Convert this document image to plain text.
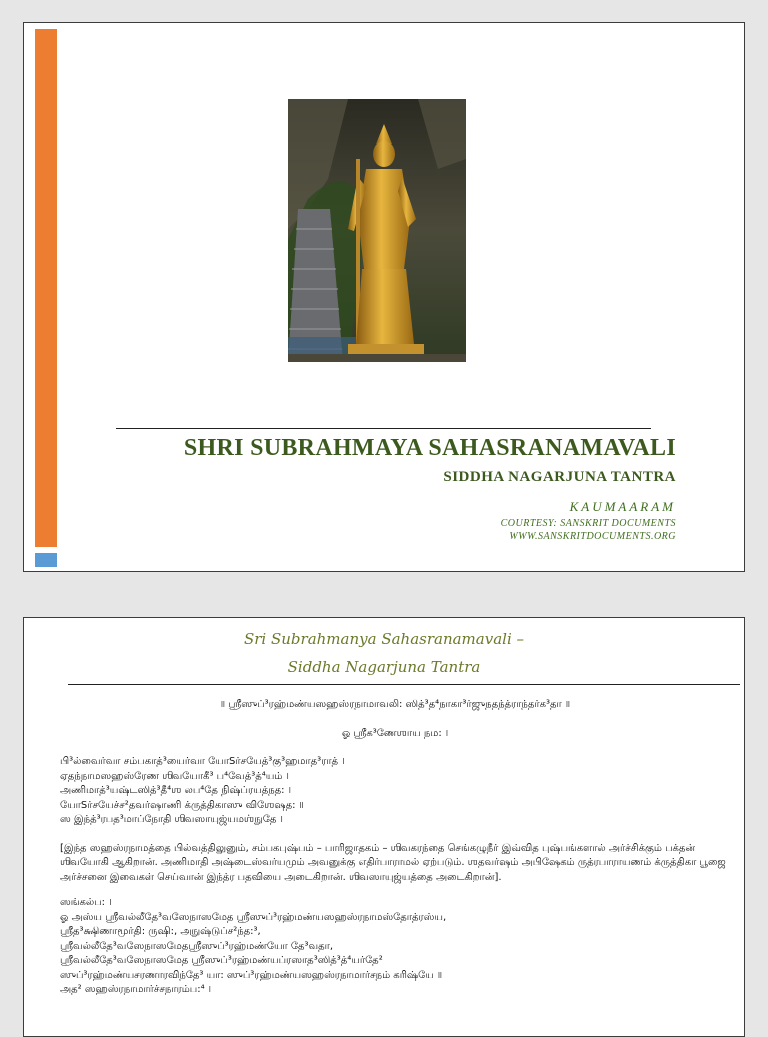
SHRI SUBRAHMAYA SAHASRANAMAVALI
SIDDHA NAGARJUNA TANTRA
KAUMAARAM
COURTESY: SANSKRIT DOCUMENTS
WWW.SANSKRITDOCUMENTS.ORG
Sri Subrahmanya Sahasranamavali –
Siddha Nagarjuna Tantra

॥ ஶ்ரீஸுப்³ரஹ்மண்யஸஹஸ்ரநாமாவலி: ஸித்³த⁴நாகா³ர்ஜுநதந்த்ராந்தர்க³தா ॥

ஓ ஶ்ரீக³ணேஶாய நம: ।

பி³ல்வைர்வா சம்பகாத்³யைர்வா யோSர்சயேத்³கு³ஹமாத³ராத் ।

ஏதந்நாமஸஹஸ்ரேண ஶிவயோகீ³ ப⁴வேத்³த்⁴யம் ।

அணிமாத்³யஷ்டஸித்³தீ⁴ஶ லப⁴தே நிஷ்ப்ரயத்நத: ।

யோSர்சயேச்ச²தவர்ஷாணி க்ருத்திகாஸு விஶேஷத: ॥

ஸ இந்த்³ரபத³மாப்நோதி ஶிவஸாயுஜ்யமஶ்நுதே ।

[இந்த ஸஹஸ்ரநாமத்தை பில்வத்திலுனும், சம்பகபுஷ்பம் – பாரிஜாதகம் – ஶிவகரந்தை செங்கழுநீர் இவ்வித புஷ்பங்களால் அர்ச்சிக்கும் பக்தன் ஶிவயோகி ஆகிறான். அணிமாதி அஷ்டைஸ்வர்யமும் அவனுக்கு எதிர்பாராமல் ஏற்படும். ஶதவர்ஷம் அபிஷேகம் ருத்ரபாராயணம் க்ருத்திகா பூஜை அர்ச்சனை இவைகள் செய்வான் இந்த்ர பதவியை அடைகிறான். ஶிவஸாயுஜ்யத்தை அடைகிறான்].

ஸங்கல்ப: ।

ஓ அஸ்ய ஶ்ரீவல்லீதே³வஸேநாஸமேத ஶ்ரீஸுப்³ரஹ்மண்யஸஹஸ்ரநாமஸ்தோத்ரஸ்ய,

ஶ்ரீத³க்ஷிணாமூர்தி: ருஷி:, அநுஷ்டுப்ச²ந்த:³,

ஶ்ரீவல்லீதே³வஸேநாஸமேதஶ்ரீஸுப்³ரஹ்மண்யோ தே³வதா,

ஶ்ரீவல்லீதே³வஸேநாஸமேத ஶ்ரீஸுப்³ரஹ்மண்யப்ரஸாத³ஸித்³த்⁴யர்தே²

ஸுப்³ரஹ்மண்யசரணாரவிந்தே³ யா: ஸுப்³ரஹ்மண்யஸஹஸ்ரநாமார்சநம் கரிஷ்யே ॥

அத² ஸஹஸ்ரநாமார்ச்சநாரம்ப:⁴ ।
